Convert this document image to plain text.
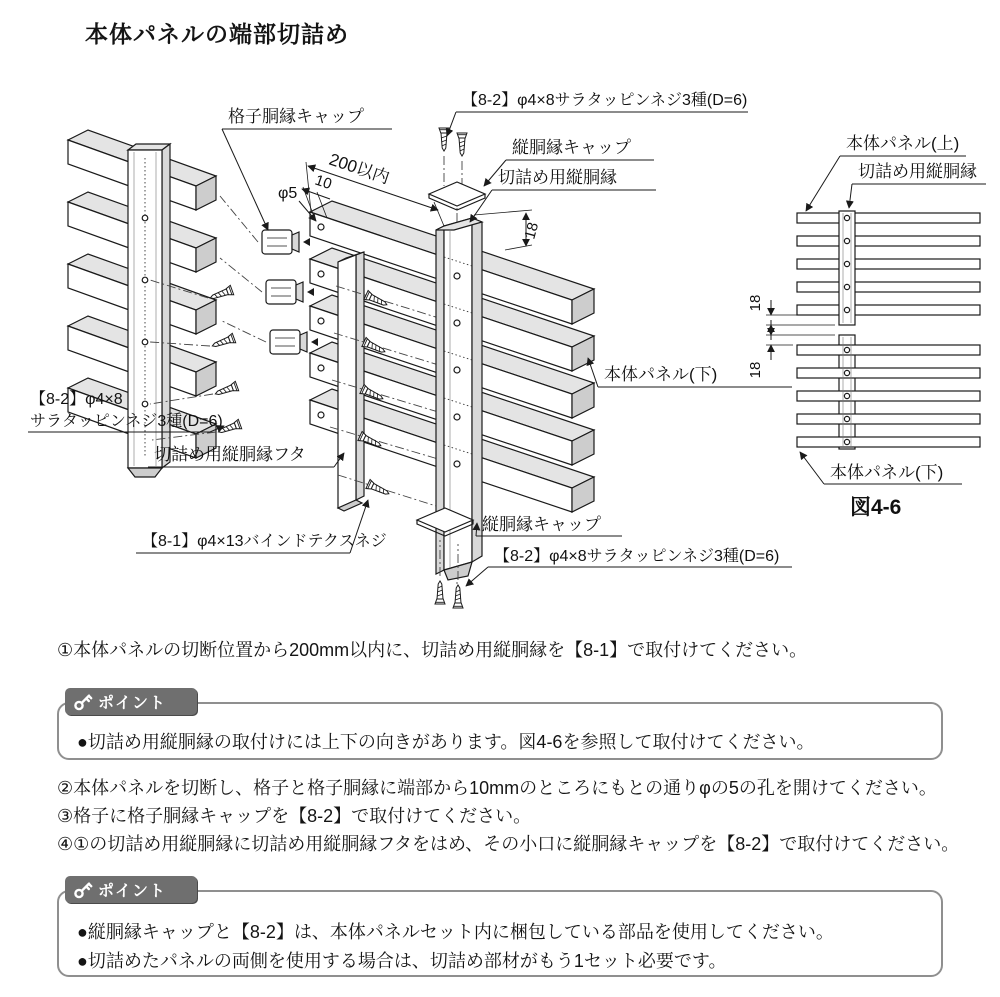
本体パネルの端部切詰め
200以内
10
φ5
18
格子胴縁キャップ
【8-2】φ4×8サラタッピンネジ3種(D=6)
縦胴縁キャップ
切詰め用縦胴縁
本体パネル(下)
【8-2】φ4×8
サラタッピンネジ3種(D=6)
切詰め用縦胴縁フタ
【8-1】φ4×13バインドテクスネジ
縦胴縁キャップ
【8-2】φ4×8サラタッピンネジ3種(D=6)
本体パネル(上)
切詰め用縦胴縁
18
18
本体パネル(下)
図4-6
①本体パネルの切断位置から200mm以内に、切詰め用縦胴縁を【8-1】で取付けてください。
ポイント
●切詰め用縦胴縁の取付けには上下の向きがあります。図4-6を参照して取付けてください。
②本体パネルを切断し、格子と格子胴縁に端部から10mmのところにもとの通りφの5の孔を開けてください。
③格子に格子胴縁キャップを【8-2】で取付けてください。
④①の切詰め用縦胴縁に切詰め用縦胴縁フタをはめ、その小口に縦胴縁キャップを【8-2】で取付けてください。
ポイント
●縦胴縁キャップと【8-2】は、本体パネルセット内に梱包している部品を使用してください。
●切詰めたパネルの両側を使用する場合は、切詰め部材がもう1セット必要です。
